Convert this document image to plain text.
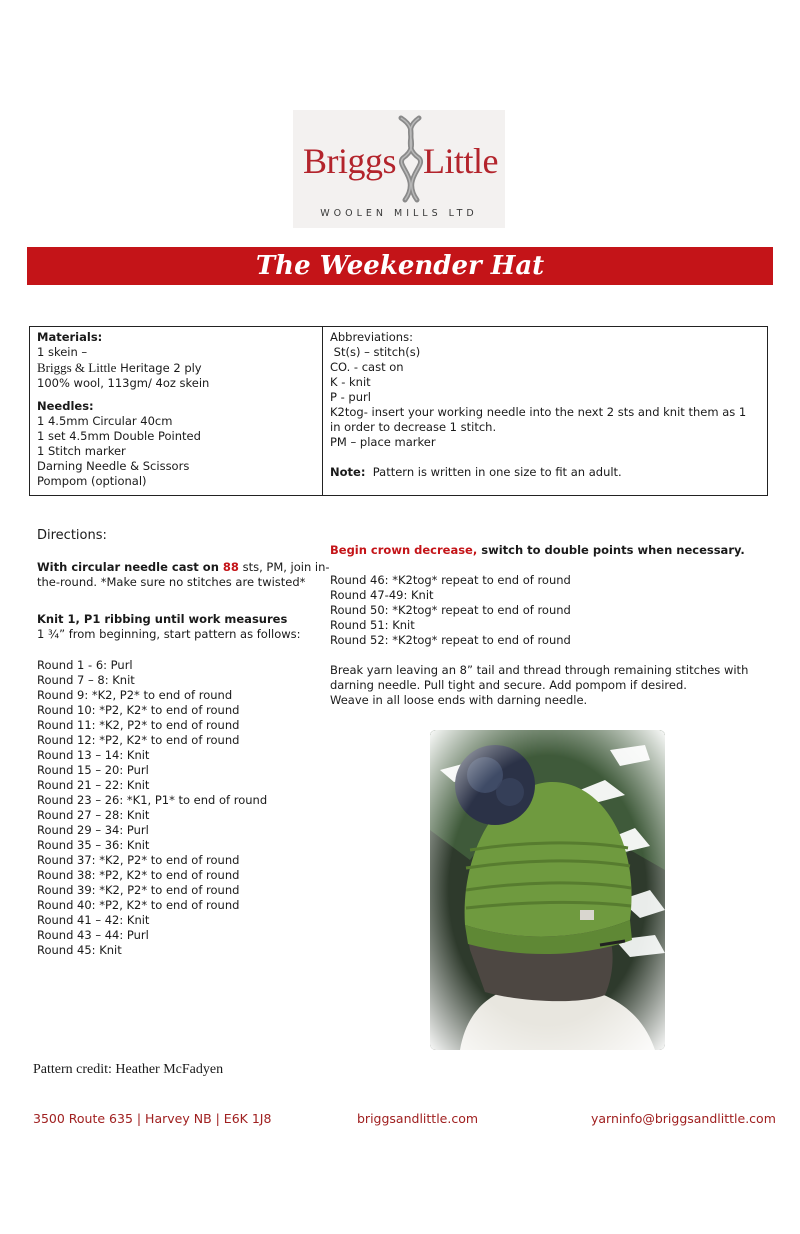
Briggs Little
WOOLEN MILLS LTD
The Weekender Hat
Materials:
1 skein –
Briggs & Little Heritage 2 ply
100% wool, 113gm/ 4oz skein
Needles:
1 4.5mm Circular 40cm
1 set 4.5mm Double Pointed
1 Stitch marker
Darning Needle & Scissors
Pompom (optional)
Abbreviations:
St(s) – stitch(s)
CO. - cast on
K - knit
P - purl
K2tog- insert your working needle into the next 2 sts and knit them as 1
in order to decrease 1 stitch.
PM – place marker
Note:  Pattern is written in one size to fit an adult.
Directions:
With circular needle cast on 88 sts, PM, join in-
the-round. *Make sure no stitches are twisted*
Knit 1, P1 ribbing until work measures
1 ¾” from beginning, start pattern as follows:
Round 1 - 6: Purl
Round 7 – 8: Knit
Round 9: *K2, P2* to end of round
Round 10: *P2, K2* to end of round
Round 11: *K2, P2* to end of round
Round 12: *P2, K2* to end of round
Round 13 – 14: Knit
Round 15 – 20: Purl
Round 21 – 22: Knit
Round 23 – 26: *K1, P1* to end of round
Round 27 – 28: Knit
Round 29 – 34: Purl
Round 35 – 36: Knit
Round 37: *K2, P2* to end of round
Round 38: *P2, K2* to end of round
Round 39: *K2, P2* to end of round
Round 40: *P2, K2* to end of round
Round 41 – 42: Knit
Round 43 – 44: Purl
Round 45: Knit
Begin crown decrease, switch to double points when necessary.
Round 46: *K2tog* repeat to end of round
Round 47-49: Knit
Round 50: *K2tog* repeat to end of round
Round 51: Knit
Round 52: *K2tog* repeat to end of round
Break yarn leaving an 8” tail and thread through remaining stitches with
darning needle. Pull tight and secure. Add pompom if desired.
Weave in all loose ends with darning needle.
Pattern credit: Heather McFadyen
3500 Route 635 | Harvey NB | E6K 1J8	briggsandlittle.com	yarninfo@briggsandlittle.com
